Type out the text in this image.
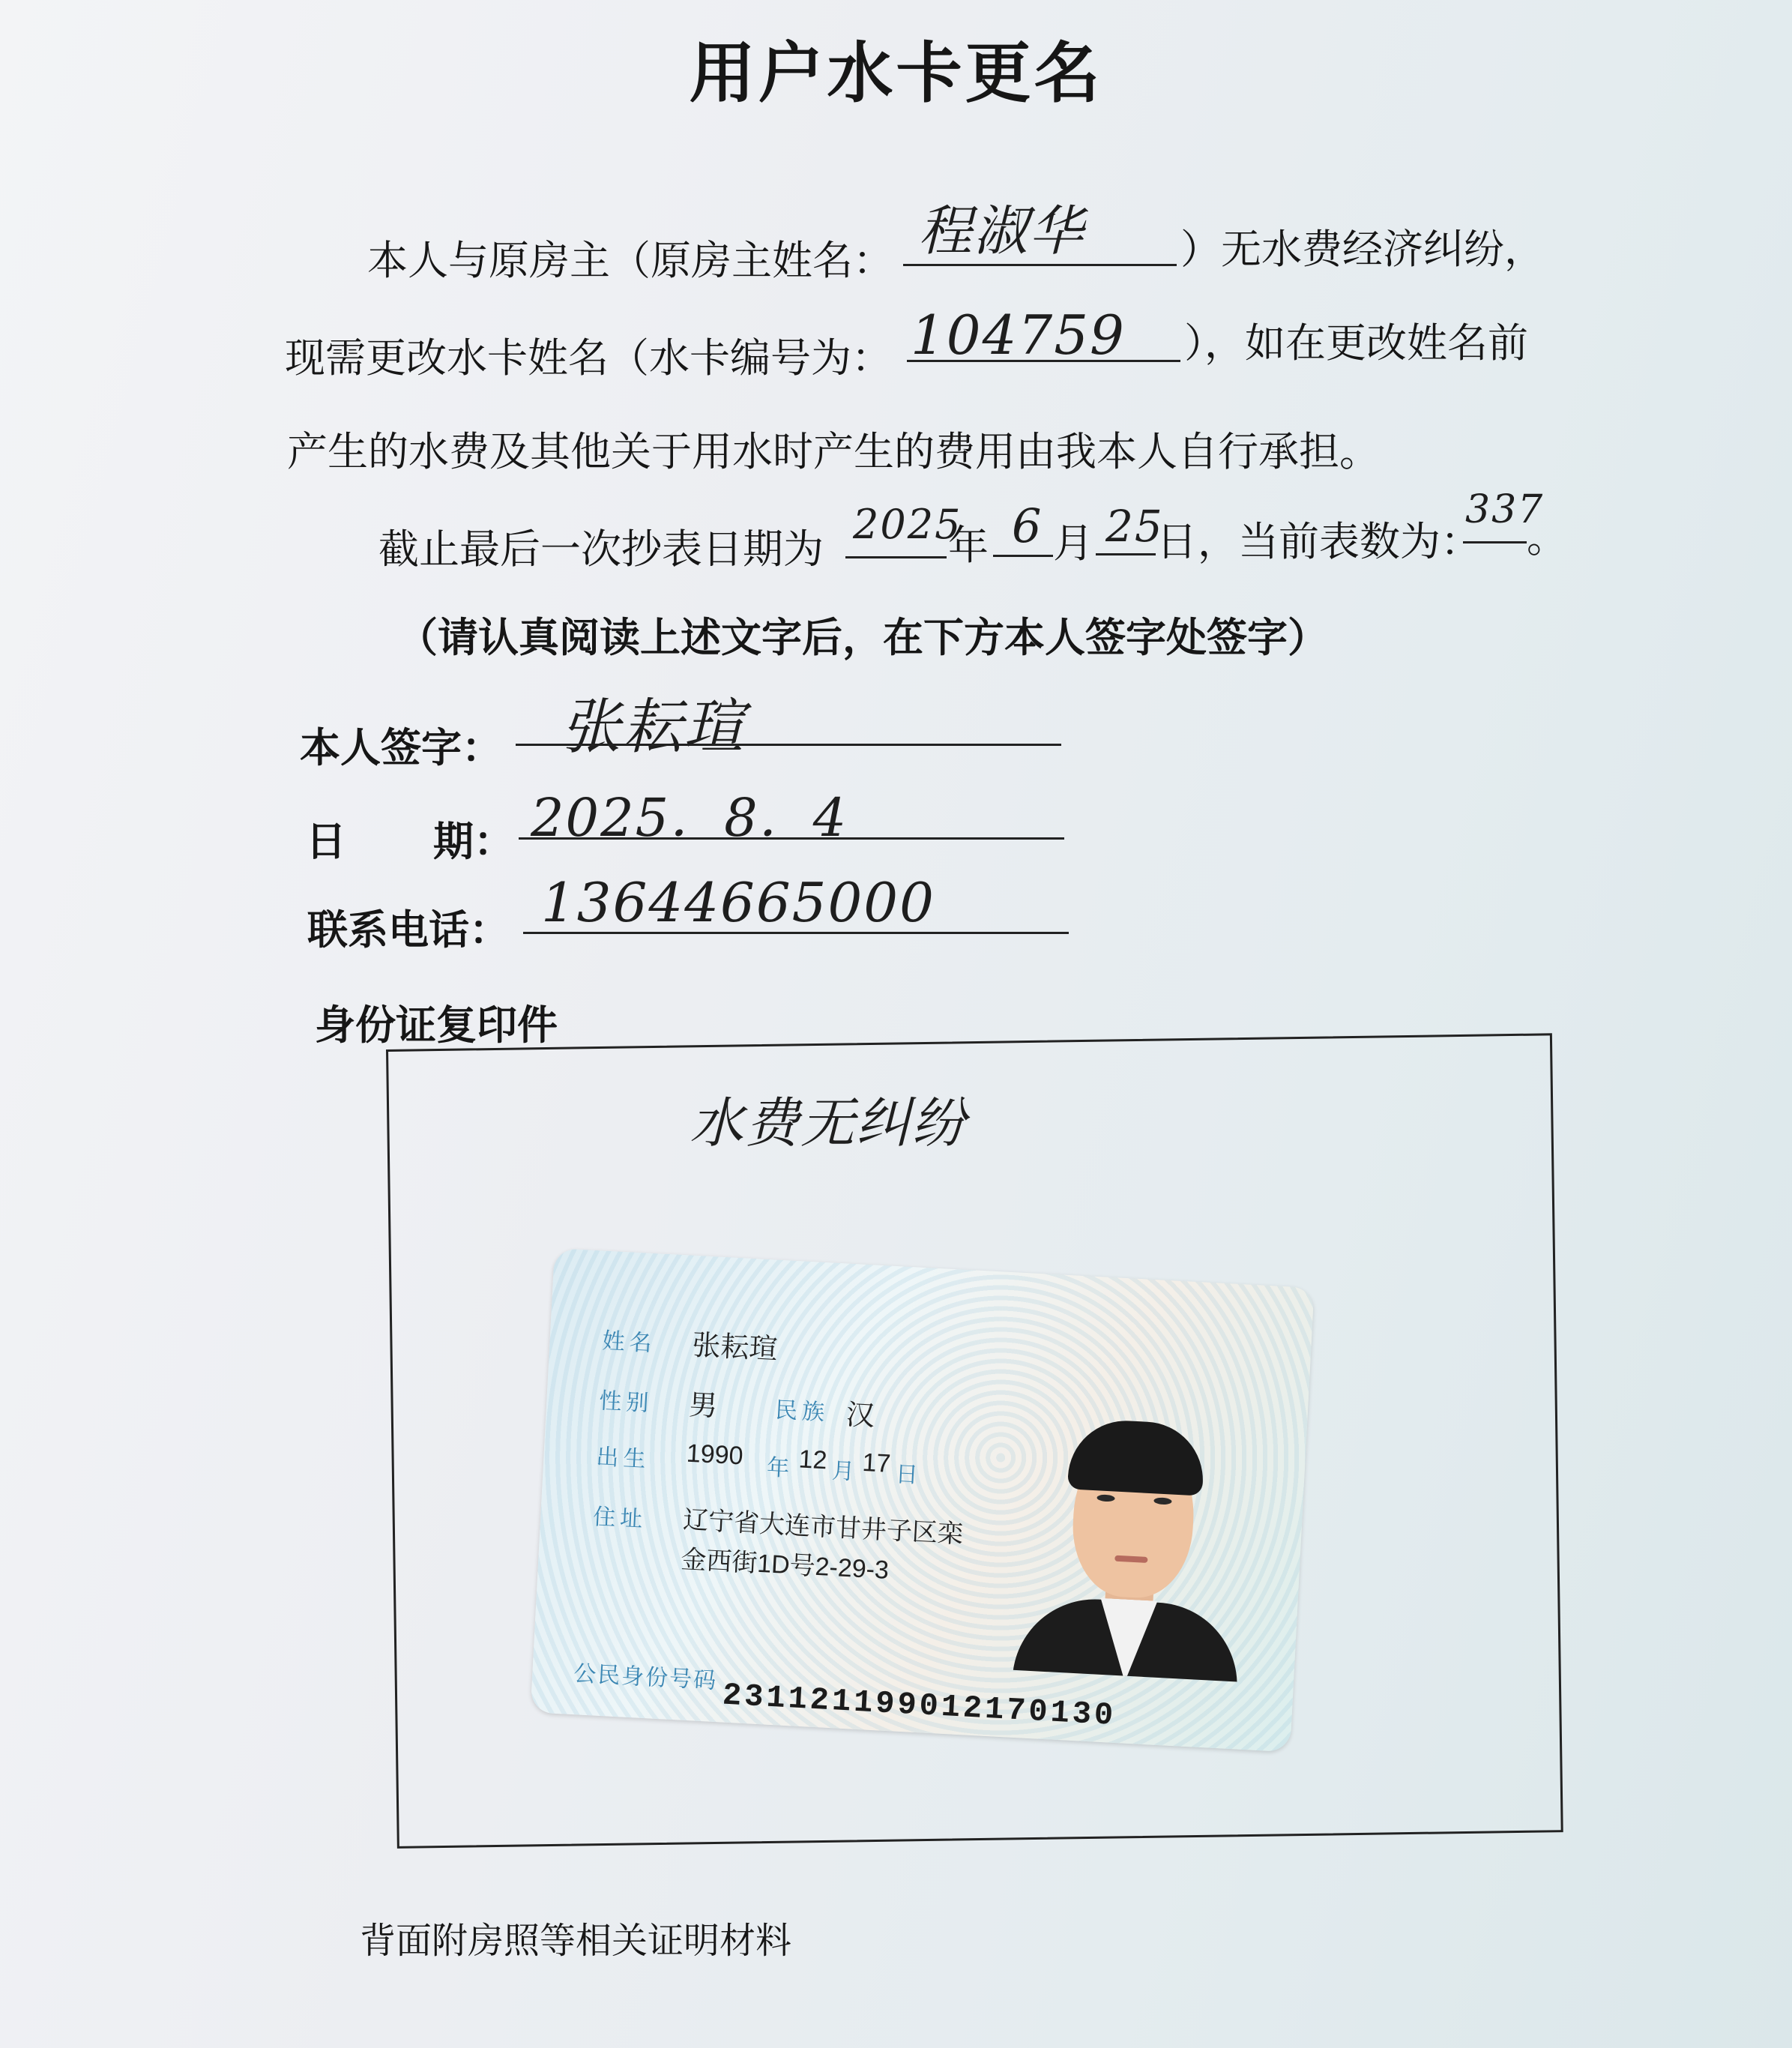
用户水卡更名
本人与原房主（原房主姓名： 程淑华 ）无水费经济纠纷，
现需更改水卡姓名（水卡编号为： 104759 ），如在更改姓名前
产生的水费及其他关于用水时产生的费用由我本人自行承担。
截止最后一次抄表日期为
2025
年 6 月 25
日 ，当前表数为：
337
。
（请认真阅读上述文字后，在下方本人签字处签字）
本人签字： 张耘瑄
日 期： 2025．8．4
联系电话： 13644665000
身份证复印件
水费无纠纷
姓名 张耘瑄
性别 男 民族 汉
出生 1990 年 12 月 17 日
住址 辽宁省大连市甘井子区栾
金西街1D号2-29-3
公民身份号码 231121199012170130
背面附房照等相关证明材料
